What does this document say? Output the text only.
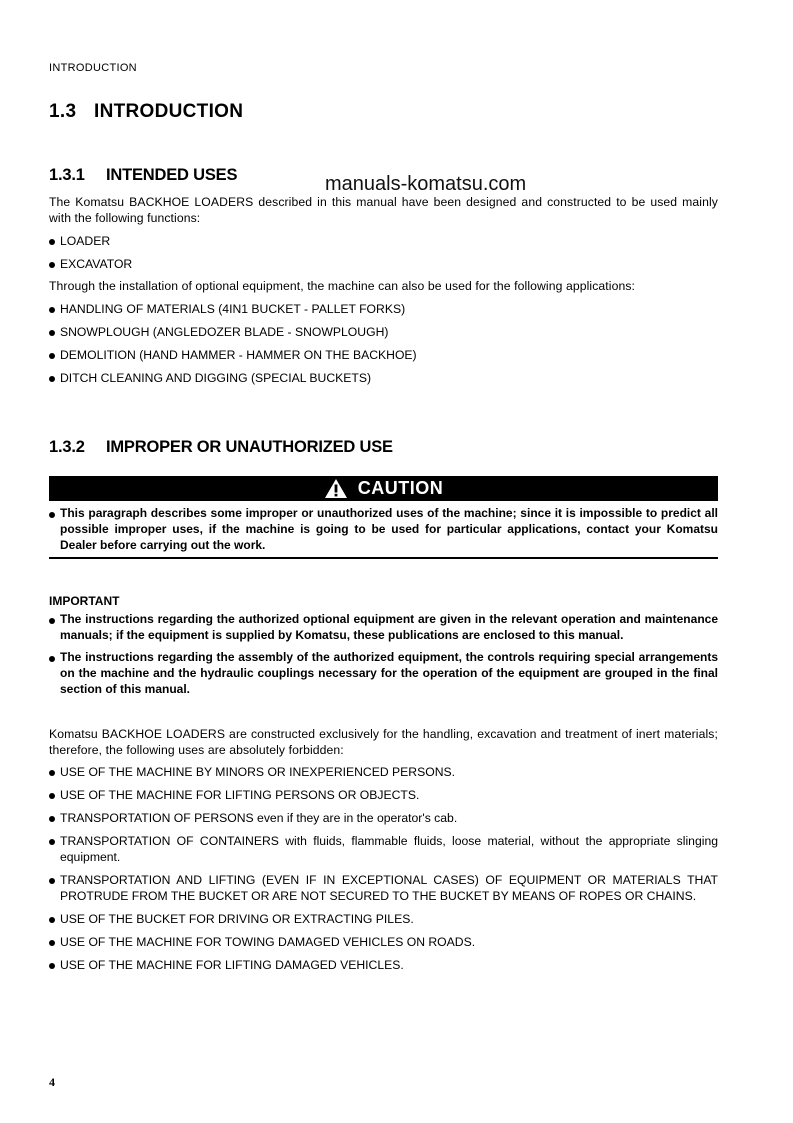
INTRODUCTION
1.3 INTRODUCTION
1.3.1 INTENDED USES	manuals-komatsu.com
The Komatsu BACKHOE LOADERS described in this manual have been designed and constructed to be used mainly with the following functions:
LOADER
EXCAVATOR
Through the installation of optional equipment, the machine can also be used for the following applications:
HANDLING OF MATERIALS (4IN1 BUCKET - PALLET FORKS)
SNOWPLOUGH (ANGLEDOZER BLADE - SNOWPLOUGH)
DEMOLITION (HAND HAMMER - HAMMER ON THE BACKHOE)
DITCH CLEANING AND DIGGING (SPECIAL BUCKETS)
1.3.2 IMPROPER OR UNAUTHORIZED USE
CAUTION
This paragraph describes some improper or unauthorized uses of the machine; since it is impossible to predict all possible improper uses, if the machine is going to be used for particular applications, contact your Komatsu Dealer before carrying out the work.
IMPORTANT
The instructions regarding the authorized optional equipment are given in the relevant operation and maintenance manuals; if the equipment is supplied by Komatsu, these publications are enclosed to this manual.
The instructions regarding the assembly of the authorized equipment, the controls requiring special arrangements on the machine and the hydraulic couplings necessary for the operation of the equipment are grouped in the final section of this manual.
Komatsu BACKHOE LOADERS are constructed exclusively for the handling, excavation and treatment of inert materials; therefore, the following uses are absolutely forbidden:
USE OF THE MACHINE BY MINORS OR INEXPERIENCED PERSONS.
USE OF THE MACHINE FOR LIFTING PERSONS OR OBJECTS.
TRANSPORTATION OF PERSONS even if they are in the operator's cab.
TRANSPORTATION OF CONTAINERS with fluids, flammable fluids, loose material, without the appropriate slinging equipment.
TRANSPORTATION AND LIFTING (EVEN IF IN EXCEPTIONAL CASES) OF EQUIPMENT OR MATERIALS THAT PROTRUDE FROM THE BUCKET OR ARE NOT SECURED TO THE BUCKET BY MEANS OF ROPES OR CHAINS.
USE OF THE BUCKET FOR DRIVING OR EXTRACTING PILES.
USE OF THE MACHINE FOR TOWING DAMAGED VEHICLES ON ROADS.
USE OF THE MACHINE FOR LIFTING DAMAGED VEHICLES.
4
